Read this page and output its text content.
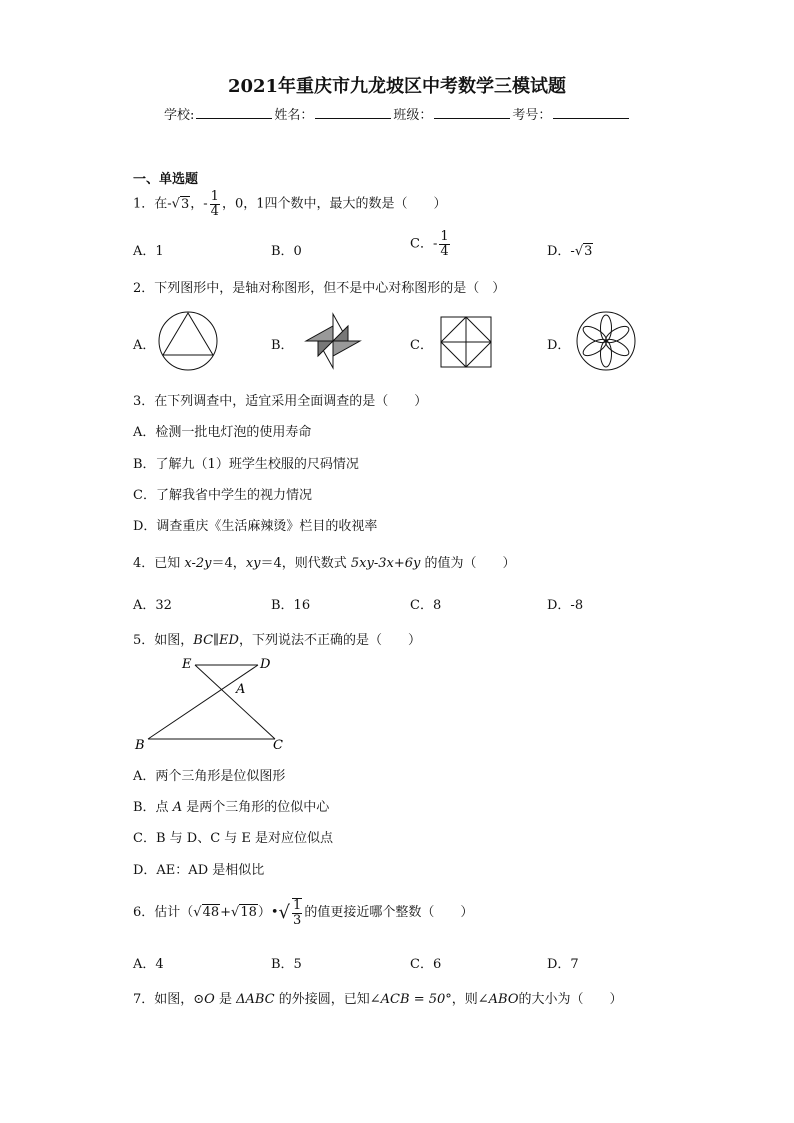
2021年重庆市九龙坡区中考数学三模试题
学校:	姓名：	班级：	考号：
一、单选题
1．在-√3，- $\frac{1}{4}$ ，0，1四个数中，最大的数是（　　）
A．1	B．0	C．- $\frac{1}{4}$	D．-√3
2．下列图形中，是轴对称图形，但不是中心对称图形的是（　）
A．	B．	C．	D．
3．在下列调查中，适宜采用全面调查的是（　　）
A．检测一批电灯泡的使用寿命
B．了解九（1）班学生校服的尺码情况
C．了解我省中学生的视力情况
D．调查重庆《生活麻辣烫》栏目的收视率
4．已知 x-2y＝4，xy＝4，则代数式 5xy-3x+6y 的值为（　　）
A．32	B．16	C．8	D．-8
5．如图，BC∥ED，下列说法不正确的是（　　）
E	D
A
B	C
A．两个三角形是位似图形
B．点 A 是两个三角形的位似中心
C．B 与 D、C 与 E 是对应位似点
D．AE：AD 是相似比
6．估计（√48+√18）•√ $\frac{1}{3}$ 的值更接近哪个整数（　　）
A．4	B．5	C．6	D．7
7．如图，⊙O 是 ΔABC 的外接圆，已知∠ACB = 50°，则∠ABO的大小为（　　）
